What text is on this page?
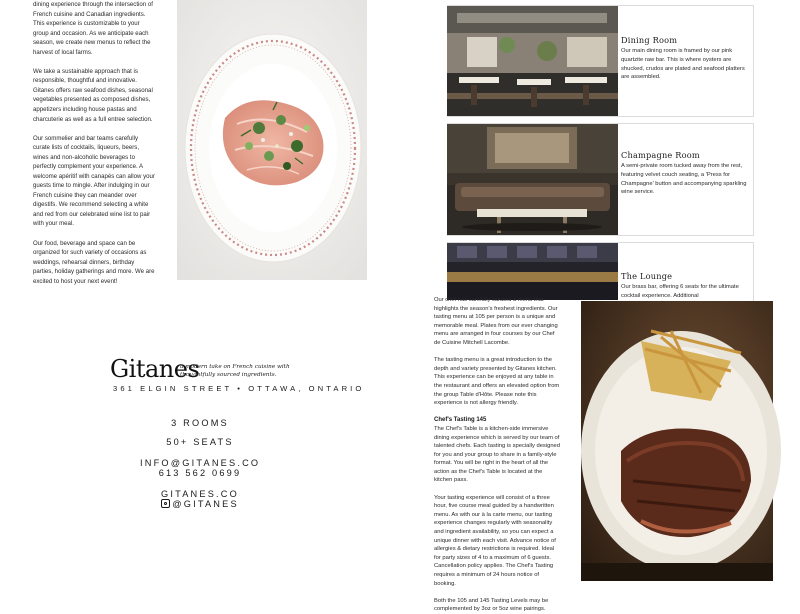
dining experience through the intersection of French cuisine and Canadian ingredients. This experience is customizable to your group and occasion. As we anticipate each season, we create new menus to reflect the harvest of local farms.

We take a sustainable approach that is responsible, thoughtful and innovative. Gitanes offers raw seafood dishes, seasonal vegetables presented as composed dishes, appetizers including house pastas and charcuterie as well as a full entree selection.

Our sommelier and bar teams carefully curate lists of cocktails, liqueurs, beers, wines and non-alcoholic beverages to perfectly complement your experience. A welcome apéritif with canapés can allow your guests time to mingle. After indulging in our French cuisine they can meander over digestifs. We recommend selecting a white and red from our celebrated wine list to pair with your meal.

Our food, beverage and space can be organized for such variety of occasions as weddings, rehearsal dinners, birthday parties, holiday gatherings and more. We are excited to host your next event!

Dining Room

Our main dining room is framed by our pink quartzite raw bar. This is where oysters are shucked, crudos are plated and seafood platters are assembled.

Champagne Room

A semi-private room tucked away from the rest, featuring velvet couch seating, a 'Press for Champagne' button and accompanying sparkling wine service.

The Lounge

Our brass bar, offering 6 seats for the ultimate cocktail experience. Additional

Gitanes
a modern take on French cuisine with thoughtfully sourced ingredients.
361 ELGIN STREET • OTTAWA, ONTARIO
3 ROOMS
50+ SEATS
INFO@GITANES.CO
613 562 0699
GITANES.CO
@GITANES

Our chef has carefully curated a menu that highlights the season's freshest ingredients. Our tasting menu at 105 per person is a unique and memorable meal. Plates from our ever changing menu are arranged in four courses by our Chef de Cuisine Mitchell Lacombe.

The tasting menu is a great introduction to the depth and variety presented by Gitanes kitchen. This experience can be enjoyed at any table in the restaurant and offers an elevated option from the group Table d'Hôte. Please note this experience is not allergy friendly.

Chef's Tasting 145

The Chef's Table is a kitchen-side immersive dining experience which is served by our team of talented chefs. Each tasting is specially designed for you and your group to share in a family-style format. You will be right in the heart of all the action as the Chef's Table is located at the kitchen pass.

Your tasting experience will consist of a three hour, five course meal guided by a handwritten menu. As with our à la carte menu, our tasting experience changes regularly with seasonality and ingredient availability, so you can expect a unique dinner with each visit. Advance notice of allergies & dietary restrictions is required. Ideal for party sizes of 4 to a maximum of 6 guests. Cancellation policy applies. The Chef's Tasting requires a minimum of 24 hours notice of booking.

Both the 105 and 145 Tasting Levels may be complemented by 3oz or 5oz wine pairings.
